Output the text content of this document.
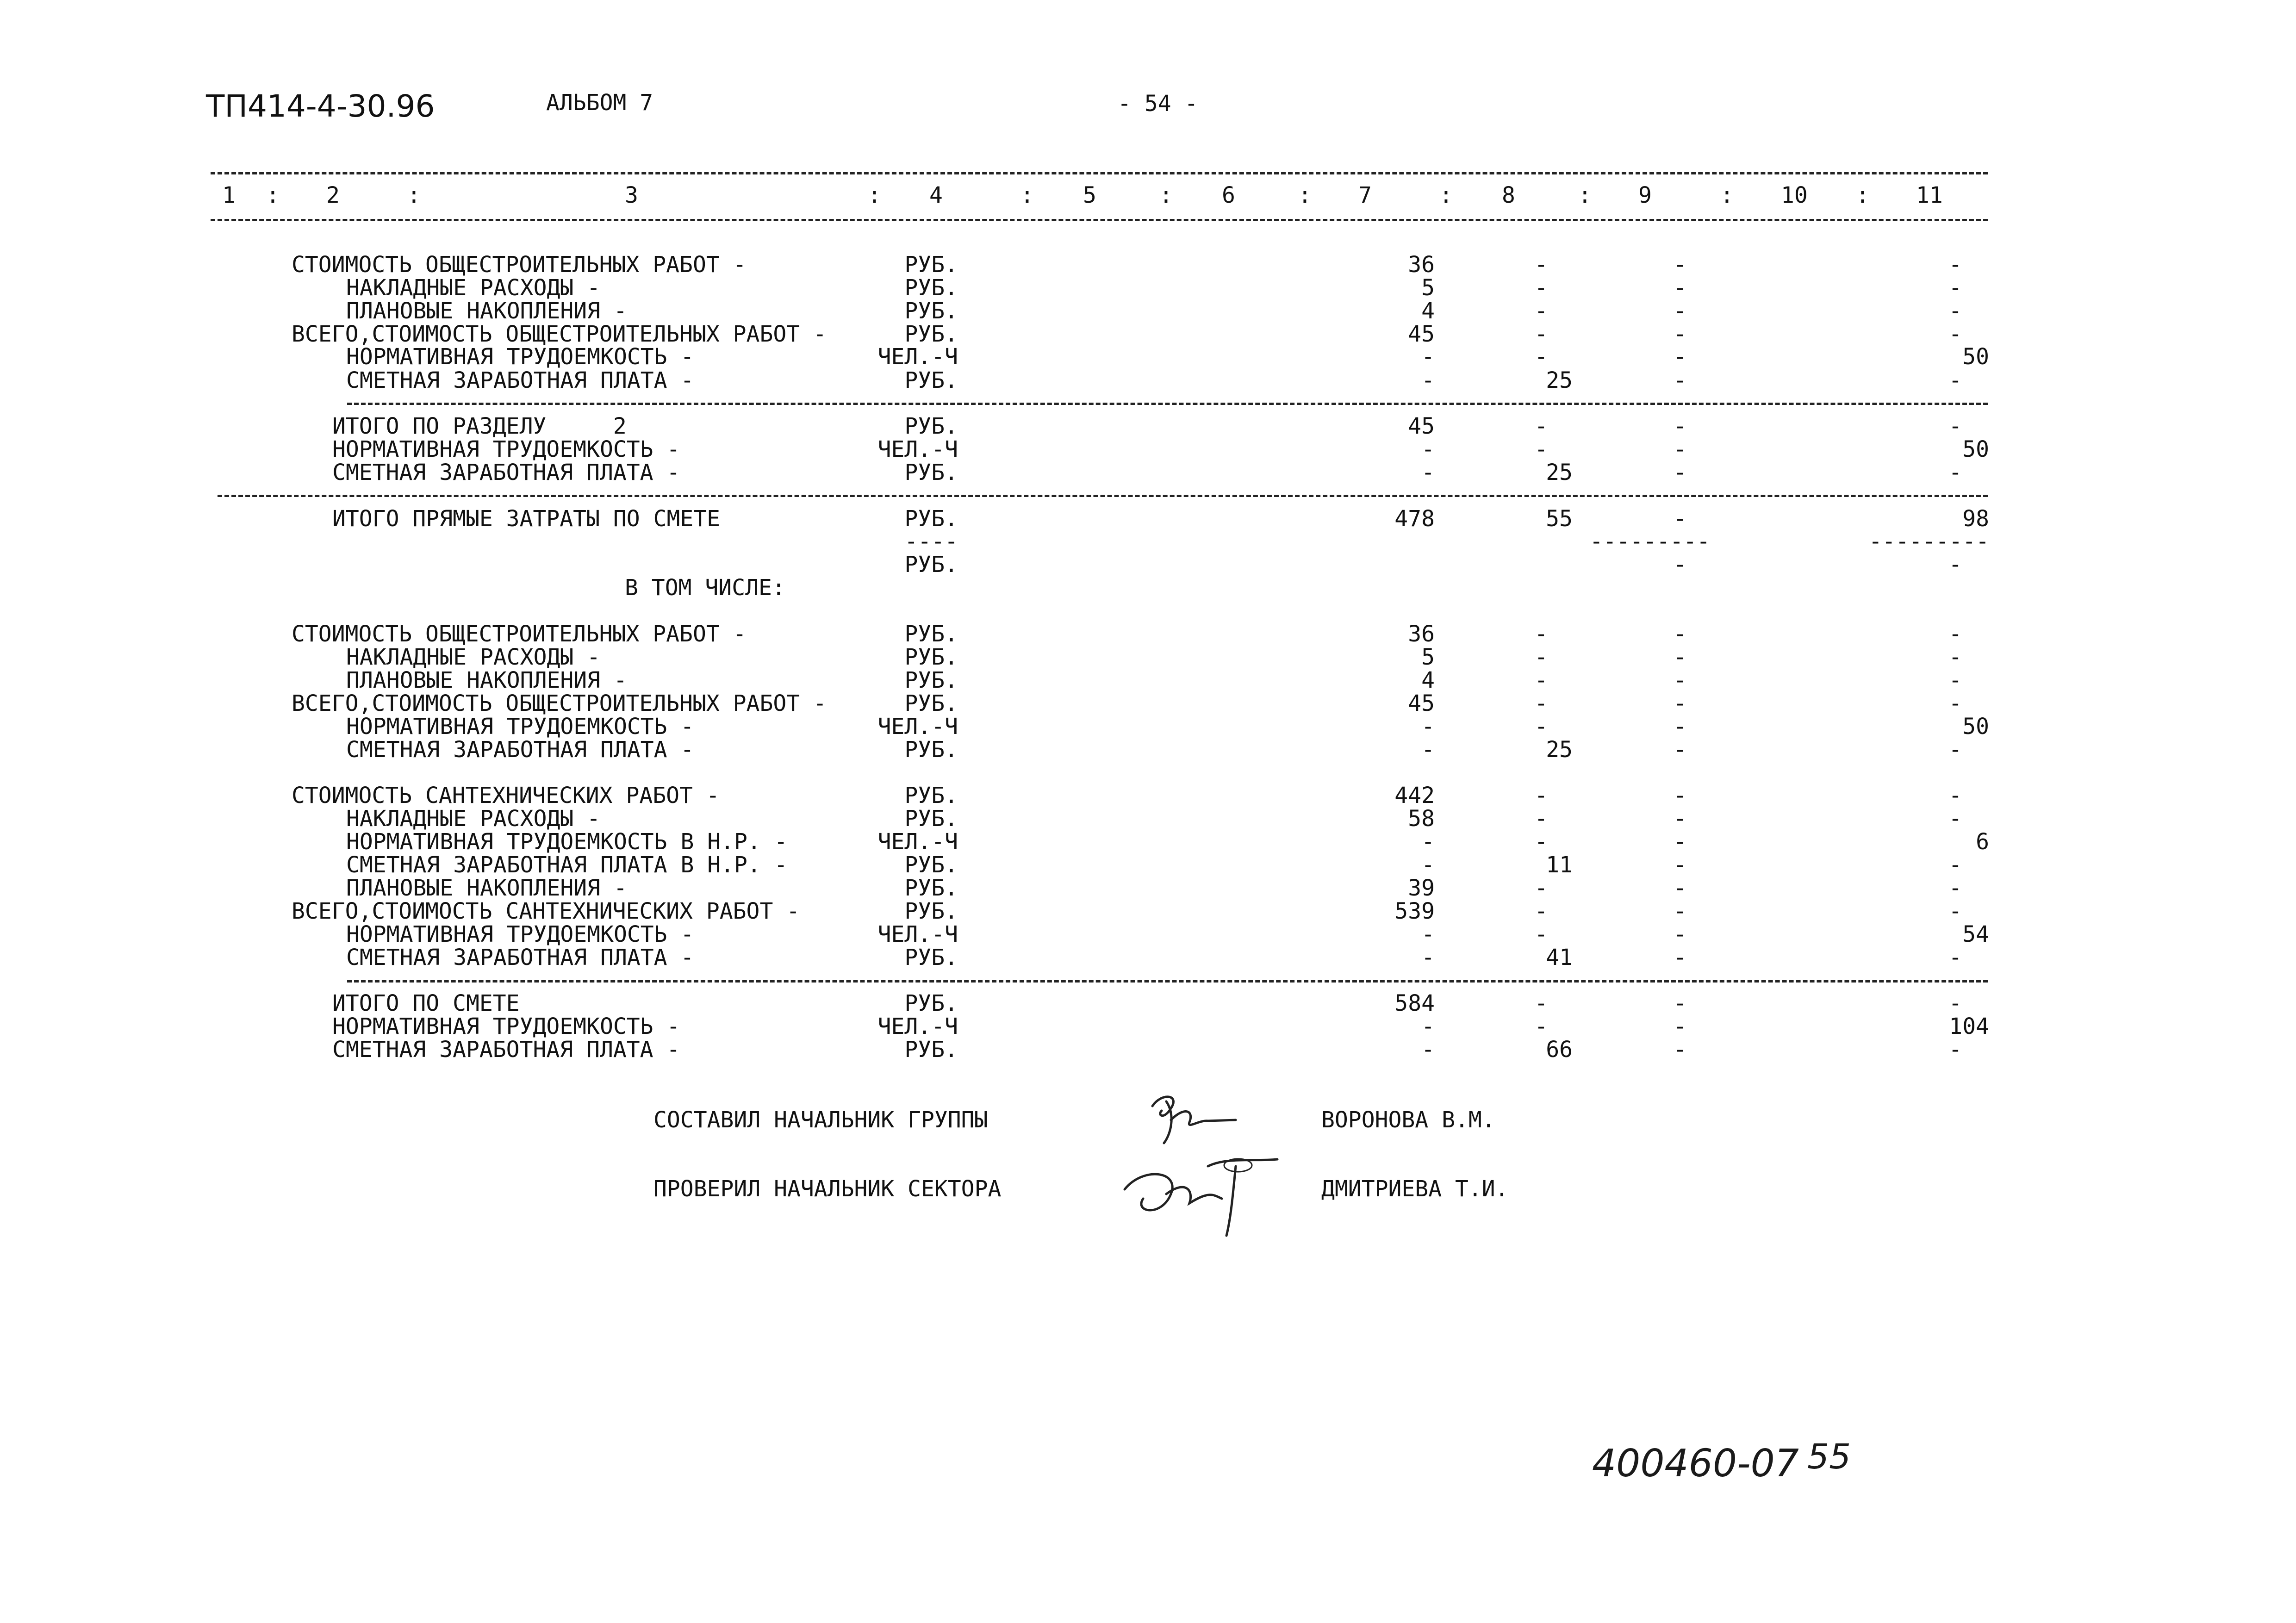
ТП414-4-30.96	АЛЬБОМ 7	- 54 -
1 : 2	:	3	: 4	: 5	: 6	: 7	: 8	: 9	: 10 : 11
СТОИМОСТЬ ОБЩЕСТРОИТЕЛЬНЫХ РАБОТ -	РУБ.	36	-	-	-
НАКЛАДНЫЕ РАСХОДЫ -	РУБ.	5	-	-	-
ПЛАНОВЫЕ НАКОПЛЕНИЯ -	РУБ.	4	-	-	-
ВСЕГО,СТОИМОСТЬ ОБЩЕСТРОИТЕЛЬНЫХ РАБОТ -	РУБ.	45	-	-	-
НОРМАТИВНАЯ ТРУДОЕМКОСТЬ -	ЧЕЛ.-Ч	-	-	-	50
СМЕТНАЯ ЗАРАБОТНАЯ ПЛАТА -	РУБ.	-	25	-	-
ИТОГО ПО РАЗДЕЛУ     2	РУБ.	45	-	-	-
НОРМАТИВНАЯ ТРУДОЕМКОСТЬ -	ЧЕЛ.-Ч	-	-	-	50
СМЕТНАЯ ЗАРАБОТНАЯ ПЛАТА -	РУБ.	-	25	-	-
ИТОГО ПРЯМЫЕ ЗАТРАТЫ ПО СМЕТЕ	РУБ.	478	55	-	98
----	---------	---------
РУБ.	-	-
В ТОМ ЧИСЛЕ:
СТОИМОСТЬ ОБЩЕСТРОИТЕЛЬНЫХ РАБОТ -	РУБ.	36	-	-	-
НАКЛАДНЫЕ РАСХОДЫ -	РУБ.	5	-	-	-
ПЛАНОВЫЕ НАКОПЛЕНИЯ -	РУБ.	4	-	-	-
ВСЕГО,СТОИМОСТЬ ОБЩЕСТРОИТЕЛЬНЫХ РАБОТ -	РУБ.	45	-	-	-
НОРМАТИВНАЯ ТРУДОЕМКОСТЬ -	ЧЕЛ.-Ч	-	-	-	50
СМЕТНАЯ ЗАРАБОТНАЯ ПЛАТА -	РУБ.	-	25	-	-
СТОИМОСТЬ САНТЕХНИЧЕСКИХ РАБОТ -	РУБ.	442	-	-	-
НАКЛАДНЫЕ РАСХОДЫ -	РУБ.	58	-	-	-
НОРМАТИВНАЯ ТРУДОЕМКОСТЬ В Н.Р. -	ЧЕЛ.-Ч	-	-	-	6
СМЕТНАЯ ЗАРАБОТНАЯ ПЛАТА В Н.Р. -	РУБ.	-	11	-	-
ПЛАНОВЫЕ НАКОПЛЕНИЯ -	РУБ.	39	-	-	-
ВСЕГО,СТОИМОСТЬ САНТЕХНИЧЕСКИХ РАБОТ -	РУБ.	539	-	-	-
НОРМАТИВНАЯ ТРУДОЕМКОСТЬ -	ЧЕЛ.-Ч	-	-	-	54
СМЕТНАЯ ЗАРАБОТНАЯ ПЛАТА -	РУБ.	-	41	-	-
ИТОГО ПО СМЕТЕ	РУБ.	584	-	-	-
НОРМАТИВНАЯ ТРУДОЕМКОСТЬ -	ЧЕЛ.-Ч	-	-	-	104
СМЕТНАЯ ЗАРАБОТНАЯ ПЛАТА -	РУБ.	-	66	-	-
СОСТАВИЛ НАЧАЛЬНИК ГРУППЫ	ВОРОНОВА В.М.
ПРОВЕРИЛ НАЧАЛЬНИК СЕКТОРА	ДМИТРИЕВА Т.И.
400460-07 55
